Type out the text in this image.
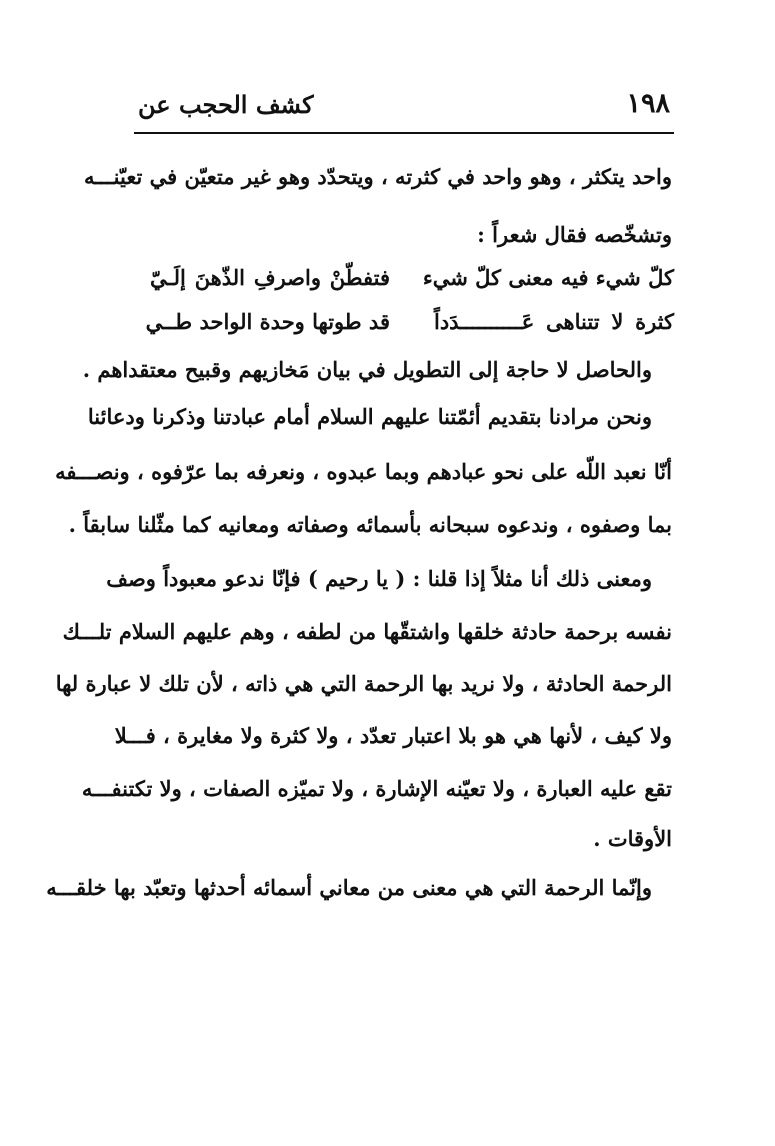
١٩٨
كشف الحجب عن
واحد يتكثر ، وهو واحد في كثرته ، ويتحدّد وهو غير متعيّن في تعيّنـــه
وتشخّصه فقال شعراً :
كلّ شيء فيه معنى كلّ شيء
فتفطّنْ واصرفِ الذّهنَ إلَـيّ
كثرة لا تتناهى عَــــــــــدَداً
قد طوتها وحدة الواحد طــي
والحاصل لا حاجة إلى التطويل في بيان مَخازيهم وقبيح معتقداهم .
ونحن مرادنا بتقديم أئمّتنا عليهم السلام أمام عبادتنا وذكرنا ودعائنا
أنّا نعبد اللّه على نحو عبادهم وبما عبدوه ، ونعرفه بما عرّفوه ، ونصـــفه
بما وصفوه ، وندعوه سبحانه بأسمائه وصفاته ومعانيه كما مثّلنا سابقاً .
ومعنى ذلك أنا مثلاً إذا قلنا : ( يا رحيم ) فإنّا ندعو معبوداً وصف
نفسه برحمة حادثة خلقها واشتقّها من لطفه ، وهم عليهم السلام تلـــك
الرحمة الحادثة ، ولا نريد بها الرحمة التي هي ذاته ، لأن تلك لا عبارة لها
ولا كيف ، لأنها هي هو بلا اعتبار تعدّد ، ولا كثرة ولا مغايرة ، فـــلا
تقع عليه العبارة ، ولا تعيّنه الإشارة ، ولا تميّزه الصفات ، ولا تكتنفـــه
الأوقات .
وإنّما الرحمة التي هي معنى من معاني أسمائه أحدثها وتعبّد بها خلقـــه
